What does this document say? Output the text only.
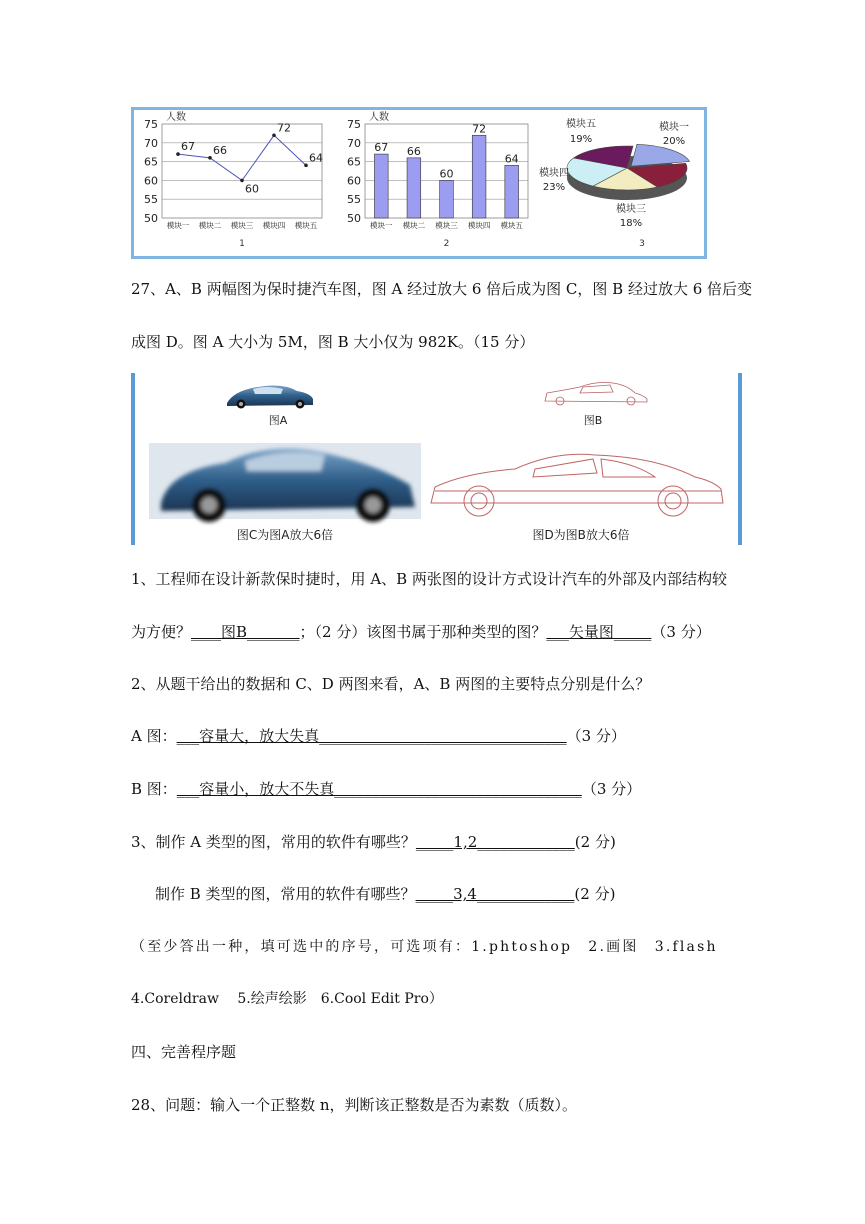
50
55
60
65
70
75
人数
模块一 模块二 模块三 模块四 模块五
1
67 66
60
72
64
50
55
60
65
70
75
人数
模块一 模块二 模块三 模块四 模块五
2
67 66
60
72
64
模块一
20%
模块五
19%
模块四
23%
模块三
18%
3
27、A、B 两幅图为保时捷汽车图，图 A 经过放大 6 倍后成为图 C，图 B 经过放大 6 倍后变
成图 D。图 A 大小为 5M，图 B 大小仅为 982K。（15 分）
图A	图B
图C为图A放大6倍	图D为图B放大6倍
1、工程师在设计新款保时捷时，用 A、B 两张图的设计方式设计汽车的外部及内部结构较
为方便？____图B_______；（2 分）该图书属于那种类型的图？___矢量图_____（3 分）
2、从题干给出的数据和 C、D 两图来看，A、B 两图的主要特点分别是什么？
A 图：___容量大，放大失真_________________________________（3 分）
B 图：___容量小，放大不失真_________________________________（3 分）
3、制作 A 类型的图，常用的软件有哪些？_____1,2_____________(2 分)
制作 B 类型的图，常用的软件有哪些？_____3,4_____________(2 分)
（至少答出一种，填可选中的序号，可选项有：1.phtoshop　2.画图　3.flash
4.Coreldraw　 5.绘声绘影　6.Cool Edit Pro）
四、完善程序题
28、问题：输入一个正整数 n，判断该正整数是否为素数（质数）。
